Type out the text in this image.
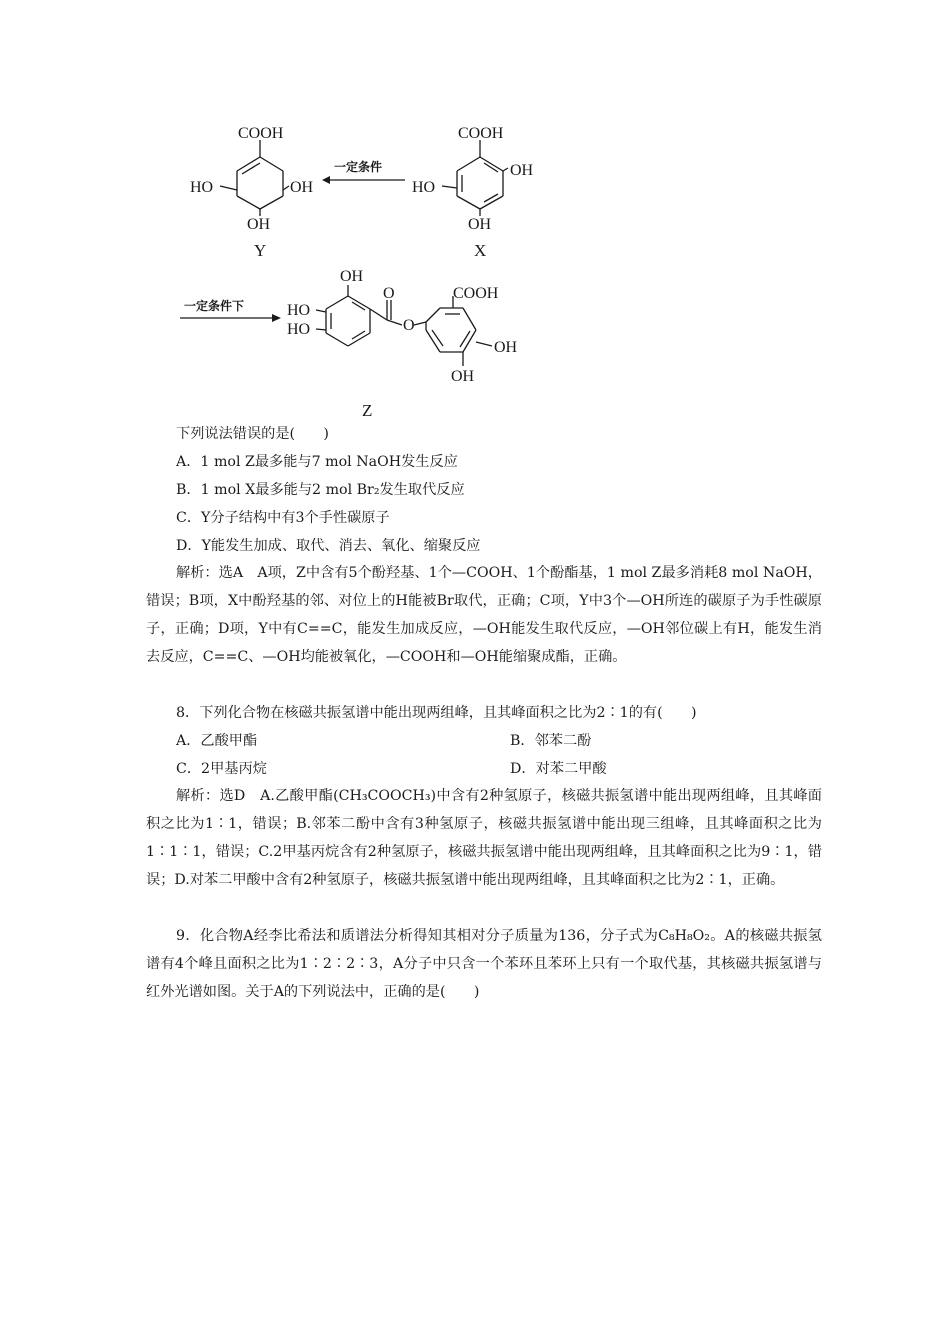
COOH
HO	OH
OH
Y
COOH
OH
HO
OH
X
一定条件
一定条件下
OH
HO
HO
O
O
COOH
OH
OH
Z
下列说法错误的是(　　)
A．1 mol Z最多能与7 mol NaOH发生反应
B．1 mol X最多能与2 mol Br₂发生取代反应
C．Y分子结构中有3个手性碳原子
D．Y能发生加成、取代、消去、氧化、缩聚反应
解析：选A　A项，Z中含有5个酚羟基、1个—COOH、1个酚酯基，1 mol Z最多消耗8 mol NaOH，错误；B项，X中酚羟基的邻、对位上的H能被Br取代，正确；C项，Y中3个—OH所连的碳原子为手性碳原子，正确；D项，Y中有C==C，能发生加成反应，—OH能发生取代反应，—OH邻位碳上有H，能发生消去反应，C==C、—OH均能被氧化，—COOH和—OH能缩聚成酯，正确。
8．下列化合物在核磁共振氢谱中能出现两组峰，且其峰面积之比为2∶1的有(　　)
A．乙酸甲酯	B．邻苯二酚
C．2甲基丙烷	D．对苯二甲酸
解析：选D　A.乙酸甲酯(CH₃COOCH₃)中含有2种氢原子，核磁共振氢谱中能出现两组峰，且其峰面积之比为1∶1，错误；B.邻苯二酚中含有3种氢原子，核磁共振氢谱中能出现三组峰，且其峰面积之比为1∶1∶1，错误；C.2甲基丙烷含有2种氢原子，核磁共振氢谱中能出现两组峰，且其峰面积之比为9∶1，错误；D.对苯二甲酸中含有2种氢原子，核磁共振氢谱中能出现两组峰，且其峰面积之比为2∶1，正确。
9．化合物A经李比希法和质谱法分析得知其相对分子质量为136，分子式为C₈H₈O₂。A的核磁共振氢谱有4个峰且面积之比为1∶2∶2∶3，A分子中只含一个苯环且苯环上只有一个取代基，其核磁共振氢谱与红外光谱如图。关于A的下列说法中，正确的是(　　)
